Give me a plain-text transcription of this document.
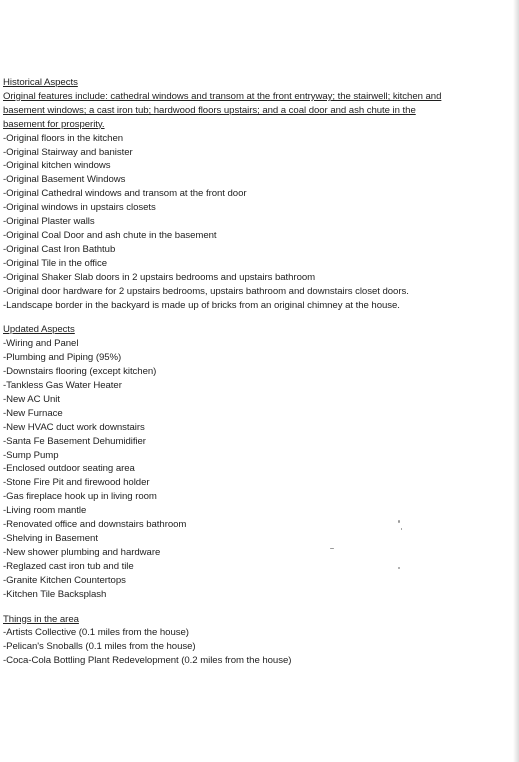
Historical Aspects

Original features include: cathedral windows and transom at the front entryway; the stairwell; kitchen and basement windows; a cast iron tub; hardwood floors upstairs; and a coal door and ash chute in the basement for prosperity.

-Original floors in the kitchen

-Original Stairway and banister

-Original kitchen windows

-Original Basement Windows

-Original Cathedral windows and transom at the front door

-Original windows in upstairs closets

-Original Plaster walls

-Original Coal Door and ash chute in the basement

-Original Cast Iron Bathtub

-Original Tile in the office

-Original Shaker Slab doors in 2 upstairs bedrooms and upstairs bathroom

-Original door hardware for 2 upstairs bedrooms, upstairs bathroom and downstairs closet doors.

-Landscape border in the backyard is made up of bricks from an original chimney at the house.

Updated Aspects

-Wiring and Panel

-Plumbing and Piping (95%)

-Downstairs flooring (except kitchen)

-Tankless Gas Water Heater

-New AC Unit

-New Furnace

-New HVAC duct work downstairs

-Santa Fe Basement Dehumidifier

-Sump Pump

-Enclosed outdoor seating area

-Stone Fire Pit and firewood holder

-Gas fireplace hook up in living room

-Living room mantle

-Renovated office and downstairs bathroom

-Shelving in Basement

-New shower plumbing and hardware

-Reglazed cast iron tub and tile

-Granite Kitchen Countertops

-Kitchen Tile Backsplash

Things in the area

-Artists Collective (0.1 miles from the house)

-Pelican's Snoballs (0.1 miles from the house)

-Coca-Cola Bottling Plant Redevelopment (0.2 miles from the house)
